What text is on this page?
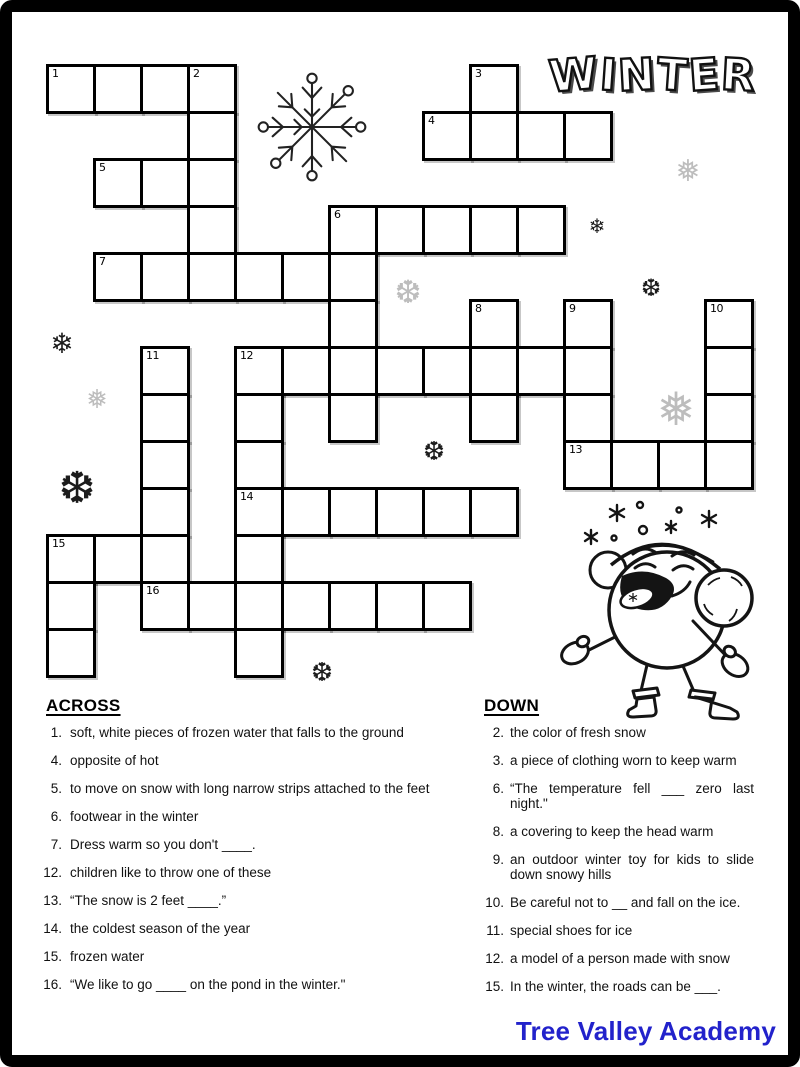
WINTER
1	2	3
4
5
6
7
8	9	10
11	12
13
14
15
16
ACROSS
1. soft, white pieces of frozen water that falls to the ground
4. opposite of hot
5. to move on snow with long narrow strips attached to the feet
6. footwear in the winter
7. Dress warm so you don't ____.
12. children like to throw one of these
13. “The snow is 2 feet ____.”
14. the coldest season of the year
15. frozen water
16. “We like to go ____ on the pond in the winter."
DOWN
2. the color of fresh snow
3. a piece of clothing worn to keep warm
6. “The temperature fell ___ zero last night."
8. a covering to keep the head warm
9. an outdoor winter toy for kids to slide down snowy hills
10. Be careful not to __ and fall on the ice.
11. special shoes for ice
12. a model of a person made with snow
15. In the winter, the roads can be ___.
Tree Valley Academy
❅
❄
❆
❆
❄
❅
❆
❅
❆
❆
